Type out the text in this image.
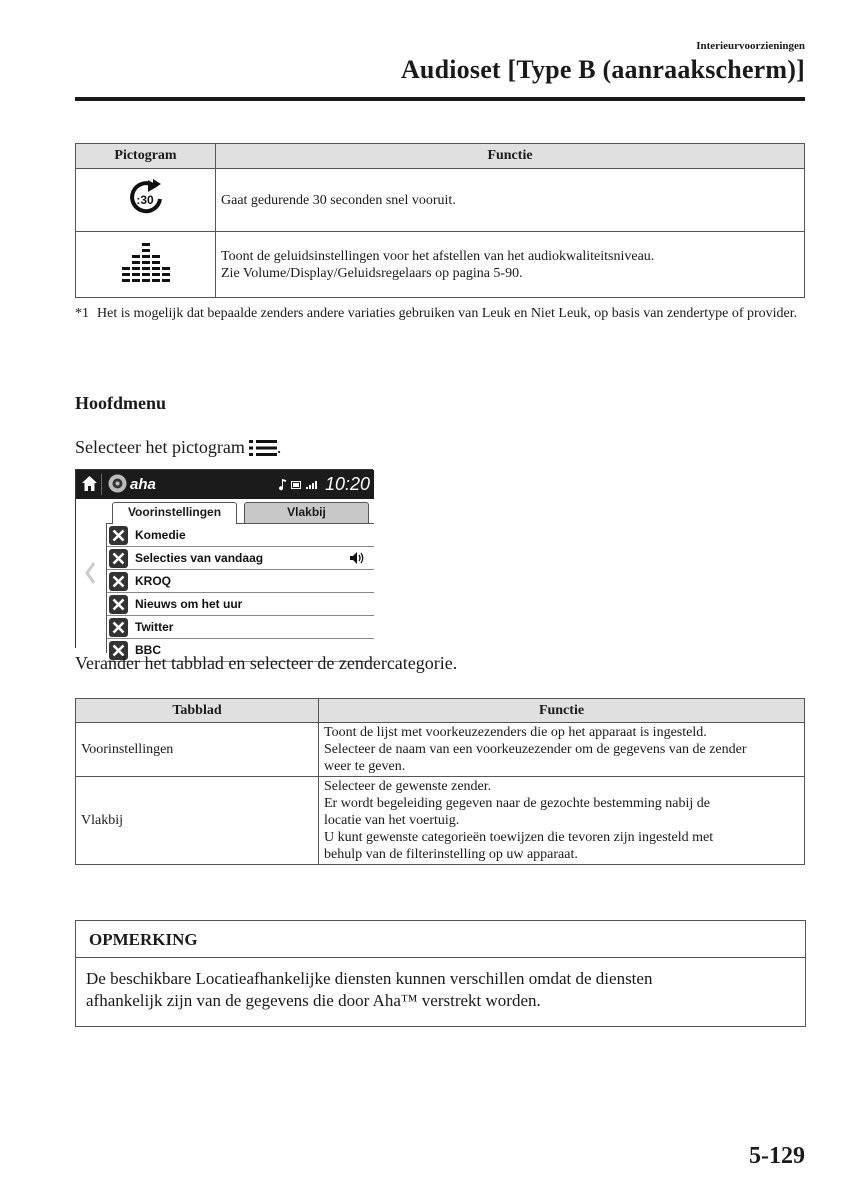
Interieurvoorzieningen
Audioset [Type B (aanraakscherm)]
Pictogram	Functie

:30	Gaat gedurende 30 seconden snel vooruit.

Toont de geluidsinstellingen voor het afstellen van het audiokwaliteitsniveau.
Zie Volume/Display/Geluidsregelaars op pagina 5-90.
*1 Het is mogelijk dat bepaalde zenders andere variaties gebruiken van Leuk en Niet Leuk, op basis van zendertype of provider.
Hoofdmenu
Selecteer het pictogram .
aha	10:20
Voorinstellingen	Vlakbij
Komedie
Selecties van vandaag
KROQ
Nieuws om het uur
Twitter
BBC
Verander het tabblad en selecteer de zendercategorie.
Tabblad	Functie
Voorinstellingen	Toont de lijst met voorkeuzezenders die op het apparaat is ingesteld.
Selecteer de naam van een voorkeuzezender om de gegevens van de zender
weer te geven.

Vlakbij	Selecteer de gewenste zender.
Er wordt begeleiding gegeven naar de gezochte bestemming nabij de
locatie van het voertuig.
U kunt gewenste categorieën toewijzen die tevoren zijn ingesteld met
behulp van de filterinstelling op uw apparaat.
OPMERKING
De beschikbare Locatieafhankelijke diensten kunnen verschillen omdat de diensten
afhankelijk zijn van de gegevens die door Aha™ verstrekt worden.
5-129
